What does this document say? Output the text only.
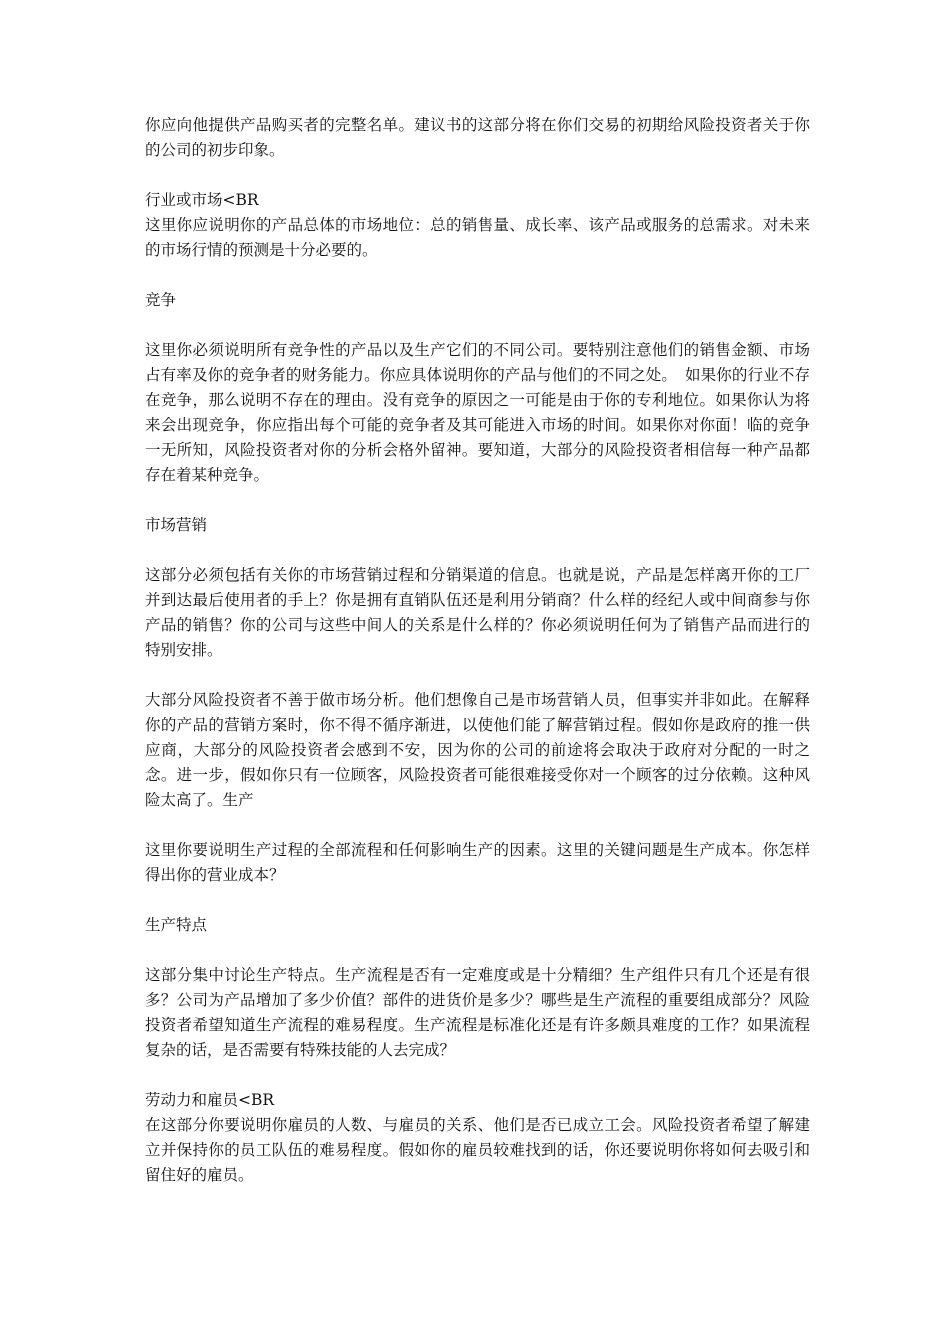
你应向他提供产品购买者的完整名单。建议书的这部分将在你们交易的初期给风险投资者关于你的公司的初步印象。

行业或市场<BR

这里你应说明你的产品总体的市场地位：总的销售量、成长率、该产品或服务的总需求。对未来的市场行情的预测是十分必要的。

竞争

这里你必须说明所有竞争性的产品以及生产它们的不同公司。要特别注意他们的销售金额、市场占有率及你的竞争者的财务能力。你应具体说明你的产品与他们的不同之处。　如果你的行业不存在竞争，那么说明不存在的理由。没有竞争的原因之一可能是由于你的专利地位。如果你认为将来会出现竞争，你应指出每个可能的竞争者及其可能进入市场的时间。如果你对你面！临的竞争一无所知，风险投资者对你的分析会格外留神。要知道，大部分的风险投资者相信每一种产品都存在着某种竞争。

市场营销

这部分必须包括有关你的市场营销过程和分销渠道的信息。也就是说，产品是怎样离开你的工厂并到达最后使用者的手上？你是拥有直销队伍还是利用分销商？什么样的经纪人或中间商参与你产品的销售？你的公司与这些中间人的关系是什么样的？你必须说明任何为了销售产品而进行的特别安排。

大部分风险投资者不善于做市场分析。他们想像自己是市场营销人员，但事实并非如此。在解释你的产品的营销方案时，你不得不循序渐进，以使他们能了解营销过程。假如你是政府的推一供应商，大部分的风险投资者会感到不安，因为你的公司的前途将会取决于政府对分配的一时之念。进一步，假如你只有一位顾客，风险投资者可能很难接受你对一个顾客的过分依赖。这种风险太高了。生产

这里你要说明生产过程的全部流程和任何影响生产的因素。这里的关键问题是生产成本。你怎样得出你的营业成本？

生产特点

这部分集中讨论生产特点。生产流程是否有一定难度或是十分精细？生产组件只有几个还是有很多？公司为产品增加了多少价值？部件的进货价是多少？哪些是生产流程的重要组成部分？风险投资者希望知道生产流程的难易程度。生产流程是标准化还是有许多颇具难度的工作？如果流程复杂的话，是否需要有特殊技能的人去完成？

劳动力和雇员<BR

在这部分你要说明你雇员的人数、与雇员的关系、他们是否已成立工会。风险投资者希望了解建立并保持你的员工队伍的难易程度。假如你的雇员较难找到的话，你还要说明你将如何去吸引和留住好的雇员。
